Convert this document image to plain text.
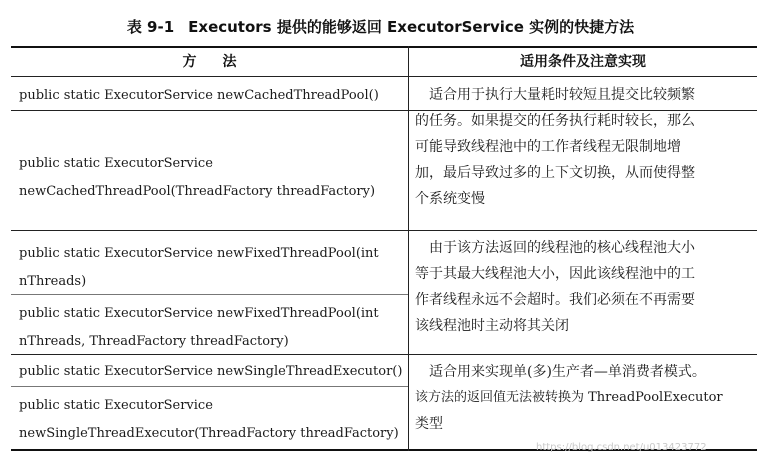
表 9-1 Executors 提供的能够返回 ExecutorService 实例的快捷方法
方法	适用条件及注意实现
public static ExecutorService newCachedThreadPool()
public static ExecutorService
newCachedThreadPool(ThreadFactory threadFactory)
适合用于执行大量耗时较短且提交比较频繁
的任务。如果提交的任务执行耗时较长，那么
可能导致线程池中的工作者线程无限制地增
加，最后导致过多的上下文切换，从而使得整
个系统变慢
public static ExecutorService newFixedThreadPool(int
nThreads)
public static ExecutorService newFixedThreadPool(int
nThreads, ThreadFactory threadFactory)
由于该方法返回的线程池的核心线程池大小
等于其最大线程池大小，因此该线程池中的工
作者线程永远不会超时。我们必须在不再需要
该线程池时主动将其关闭
public static ExecutorService newSingleThreadExecutor()
public static ExecutorService
newSingleThreadExecutor(ThreadFactory threadFactory)
适合用来实现单(多)生产者—单消费者模式。
该方法的返回值无法被转换为 ThreadPoolExecutor
类型
https://blog.csdn.net/u013423772
